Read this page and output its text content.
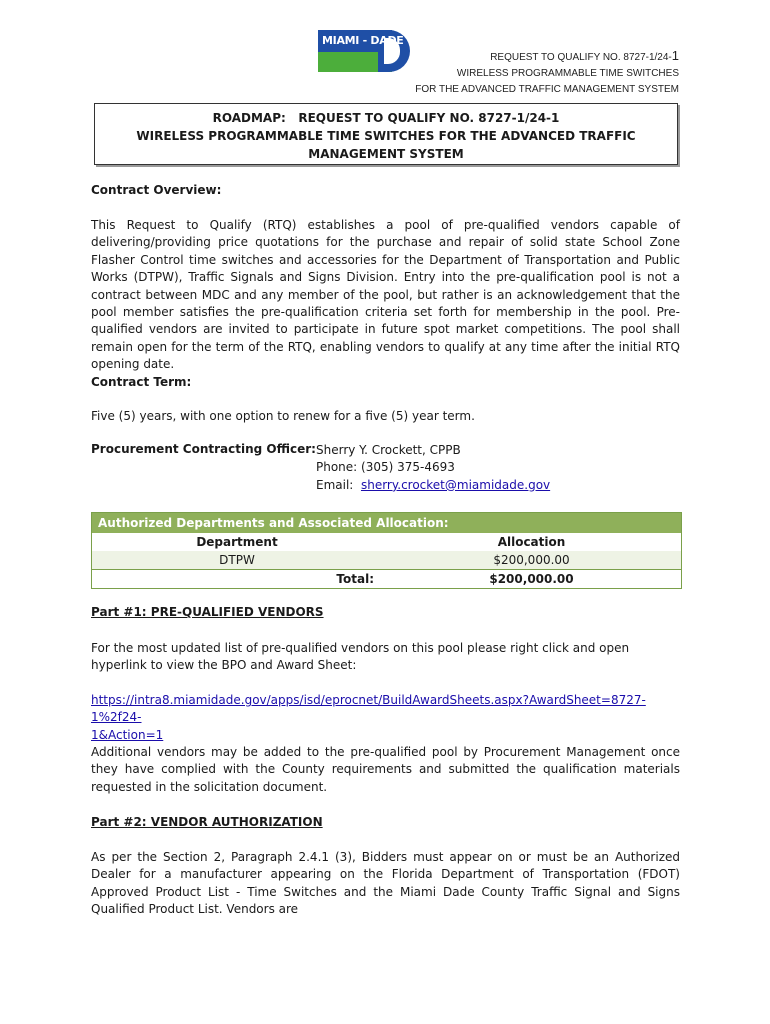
MIAMI - DADE
REQUEST TO QUALIFY NO. 8727-1/24-1
WIRELESS PROGRAMMABLE TIME SWITCHES
FOR THE ADVANCED TRAFFIC MANAGEMENT SYSTEM
ROADMAP:   REQUEST TO QUALIFY NO. 8727-1/24-1
WIRELESS PROGRAMMABLE TIME SWITCHES FOR THE ADVANCED TRAFFIC
MANAGEMENT SYSTEM
Contract Overview:
This Request to Qualify (RTQ) establishes a pool of pre-qualified vendors capable of delivering/providing price quotations for the purchase and repair of solid state School Zone Flasher Control time switches and accessories for the Department of Transportation and Public Works (DTPW), Traffic Signals and Signs Division. Entry into the pre-qualification pool is not a contract between MDC and any member of the pool, but rather is an acknowledgement that the pool member satisfies the pre-qualification criteria set forth for membership in the pool. Pre-qualified vendors are invited to participate in future spot market competitions. The pool shall remain open for the term of the RTQ, enabling vendors to qualify at any time after the initial RTQ opening date.
Contract Term:
Five (5) years, with one option to renew for a five (5) year term.
Procurement Contracting Officer: Sherry Y. Crockett, CPPB
Phone: (305) 375-4693
Email:  sherry.crocket@miamidade.gov
Authorized Departments and Associated Allocation:
Department	Allocation
DTPW	$200,000.00
Total:	$200,000.00
Part #1: PRE-QUALIFIED VENDORS
For the most updated list of pre-qualified vendors on this pool please right click and open hyperlink to view the BPO and Award Sheet:
https://intra8.miamidade.gov/apps/isd/eprocnet/BuildAwardSheets.aspx?AwardSheet=8727-1%2f24-
1&Action=1
Additional vendors may be added to the pre-qualified pool by Procurement Management once they have complied with the County requirements and submitted the qualification materials requested in the solicitation document.
Part #2: VENDOR AUTHORIZATION
As per the Section 2, Paragraph 2.4.1 (3), Bidders must appear on or must be an Authorized Dealer for a manufacturer appearing on the Florida Department of Transportation (FDOT) Approved Product List - Time Switches and the Miami Dade County Traffic Signal and Signs Qualified Product List. Vendors are
